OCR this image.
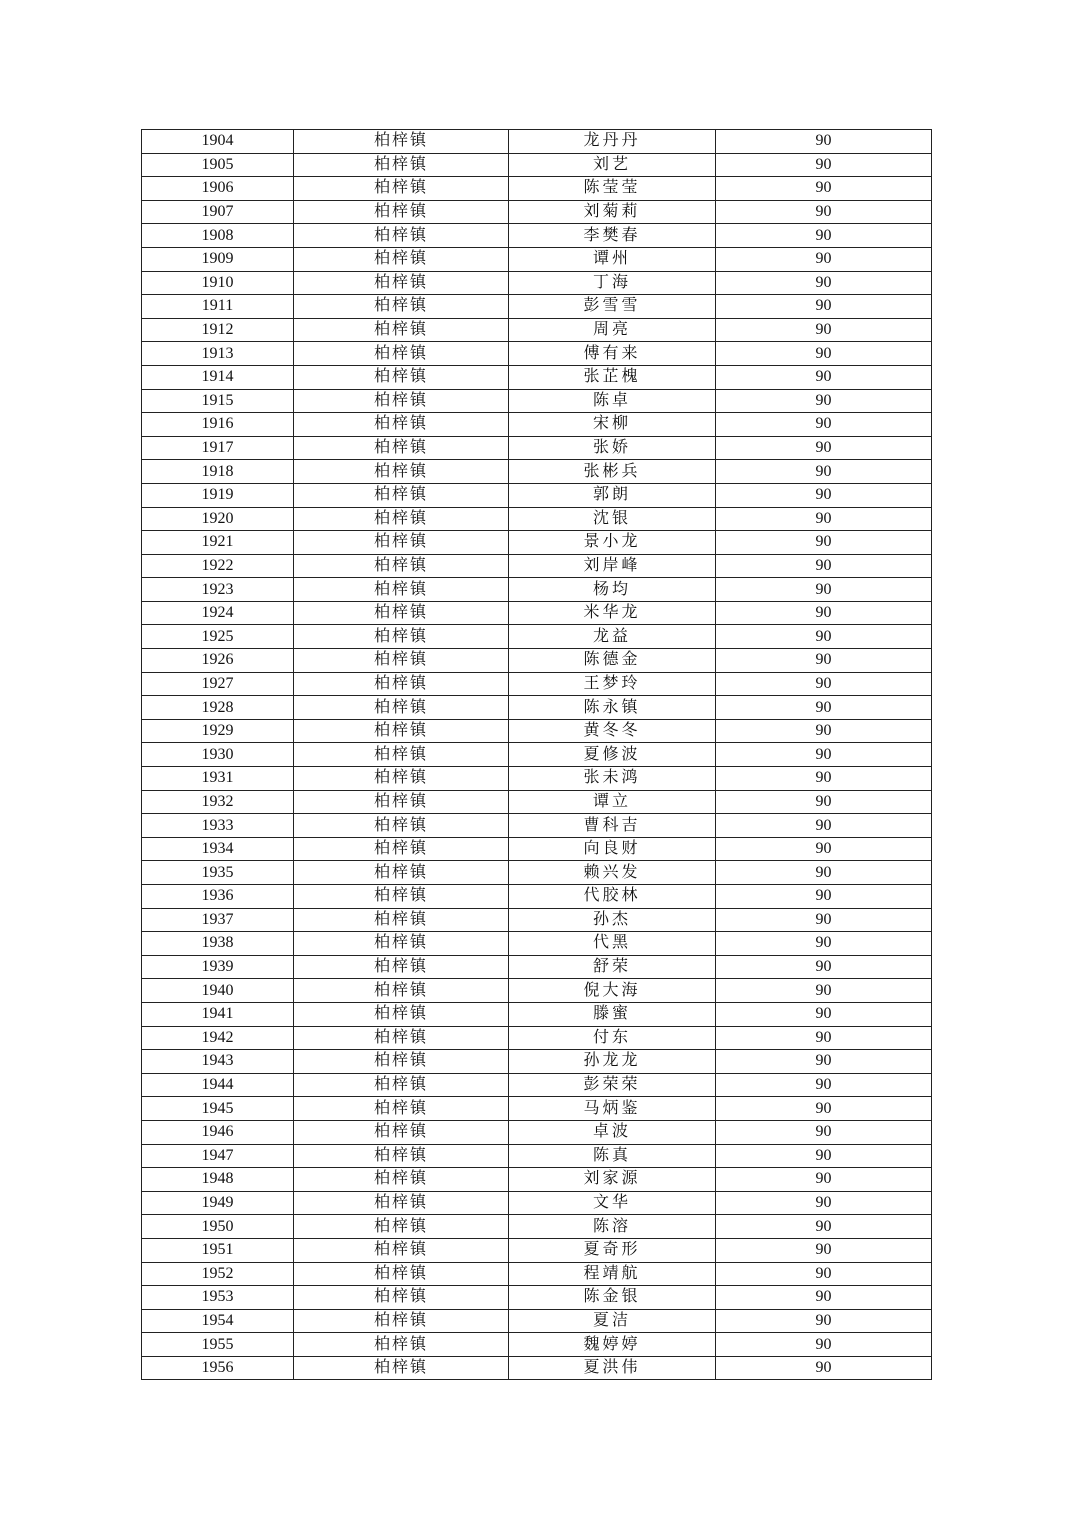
1904	柏梓镇	龙丹丹	90
1905	柏梓镇	刘艺	90
1906	柏梓镇	陈莹莹	90
1907	柏梓镇	刘菊莉	90
1908	柏梓镇	李樊春	90
1909	柏梓镇	谭州	90
1910	柏梓镇	丁海	90
1911	柏梓镇	彭雪雪	90
1912	柏梓镇	周亮	90
1913	柏梓镇	傅有来	90
1914	柏梓镇	张芷槐	90
1915	柏梓镇	陈卓	90
1916	柏梓镇	宋柳	90
1917	柏梓镇	张娇	90
1918	柏梓镇	张彬兵	90
1919	柏梓镇	郭朗	90
1920	柏梓镇	沈银	90
1921	柏梓镇	景小龙	90
1922	柏梓镇	刘岸峰	90
1923	柏梓镇	杨均	90
1924	柏梓镇	米华龙	90
1925	柏梓镇	龙益	90
1926	柏梓镇	陈德金	90
1927	柏梓镇	王梦玲	90
1928	柏梓镇	陈永镇	90
1929	柏梓镇	黄冬冬	90
1930	柏梓镇	夏修波	90
1931	柏梓镇	张未鸿	90
1932	柏梓镇	谭立	90
1933	柏梓镇	曹科吉	90
1934	柏梓镇	向良财	90
1935	柏梓镇	赖兴发	90
1936	柏梓镇	代胶林	90
1937	柏梓镇	孙杰	90
1938	柏梓镇	代黑	90
1939	柏梓镇	舒荣	90
1940	柏梓镇	倪大海	90
1941	柏梓镇	滕蜜	90
1942	柏梓镇	付东	90
1943	柏梓镇	孙龙龙	90
1944	柏梓镇	彭荣荣	90
1945	柏梓镇	马炳鉴	90
1946	柏梓镇	卓波	90
1947	柏梓镇	陈真	90
1948	柏梓镇	刘家源	90
1949	柏梓镇	文华	90
1950	柏梓镇	陈溶	90
1951	柏梓镇	夏奇形	90
1952	柏梓镇	程靖航	90
1953	柏梓镇	陈金银	90
1954	柏梓镇	夏洁	90
1955	柏梓镇	魏婷婷	90
1956	柏梓镇	夏洪伟	90
